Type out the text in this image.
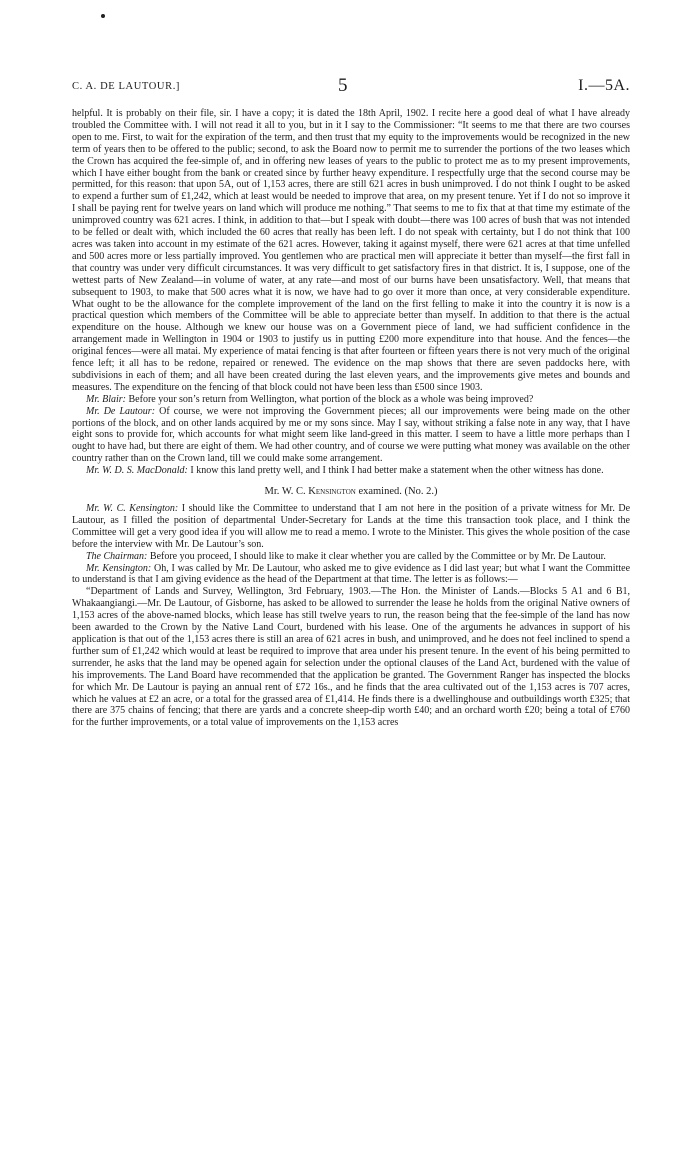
C. A. DE LAUTOUR.]	5	I.—5A.

helpful. It is probably on their file, sir. I have a copy; it is dated the 18th April, 1902. I recite here a good deal of what I have already troubled the Committee with. I will not read it all to you, but in it I say to the Commissioner: “It seems to me that there are two courses open to me. First, to wait for the expiration of the term, and then trust that my equity to the improvements would be recognized in the new term of years then to be offered to the public; second, to ask the Board now to permit me to surrender the portions of the two leases which the Crown has acquired the fee-simple of, and in offering new leases of years to the public to protect me as to my present improvements, which I have either bought from the bank or created since by further heavy expenditure. I respectfully urge that the second course may be permitted, for this reason: that upon 5A, out of 1,153 acres, there are still 621 acres in bush unimproved. I do not think I ought to be asked to expend a further sum of £1,242, which at least would be needed to improve that area, on my present tenure. Yet if I do not so improve it I shall be paying rent for twelve years on land which will produce me nothing.” That seems to me to fix that at that time my estimate of the unimproved country was 621 acres. I think, in addition to that—but I speak with doubt—there was 100 acres of bush that was not intended to be felled or dealt with, which included the 60 acres that really has been left. I do not speak with certainty, but I do not think that 100 acres was taken into account in my estimate of the 621 acres. However, taking it against myself, there were 621 acres at that time unfelled and 500 acres more or less partially improved. You gentlemen who are practical men will appreciate it better than myself—the first fall in that country was under very difficult circumstances. It was very difficult to get satisfactory fires in that district. It is, I suppose, one of the wettest parts of New Zealand—in volume of water, at any rate—and most of our burns have been unsatisfactory. Well, that means that subsequent to 1903, to make that 500 acres what it is now, we have had to go over it more than once, at very considerable expenditure. What ought to be the allowance for the complete improvement of the land on the first felling to make it into the country it is now is a practical question which members of the Committee will be able to appreciate better than myself. In addition to that there is the actual expenditure on the house. Although we knew our house was on a Government piece of land, we had sufficient confidence in the arrangement made in Wellington in 1904 or 1903 to justify us in putting £200 more expenditure into that house. And the fences—the original fences—were all matai. My experience of matai fencing is that after fourteen or fifteen years there is not very much of the original fence left; it all has to be redone, repaired or renewed. The evidence on the map shows that there are seven paddocks here, with subdivisions in each of them; and all have been created during the last eleven years, and the improvements give metes and bounds and measures. The expenditure on the fencing of that block could not have been less than £500 since 1903.

Mr. Blair: Before your son’s return from Wellington, what portion of the block as a whole was being improved?

Mr. De Lautour: Of course, we were not improving the Government pieces; all our improvements were being made on the other portions of the block, and on other lands acquired by me or my sons since. May I say, without striking a false note in any way, that I have eight sons to provide for, which accounts for what might seem like land-greed in this matter. I seem to have a little more perhaps than I ought to have had, but there are eight of them. We had other country, and of course we were putting what money was available on the other country rather than on the Crown land, till we could make some arrangement.

Mr. W. D. S. MacDonald: I know this land pretty well, and I think I had better make a statement when the other witness has done.

Mr. W. C. Kensington examined. (No. 2.)

Mr. W. C. Kensington: I should like the Committee to understand that I am not here in the position of a private witness for Mr. De Lautour, as I filled the position of departmental Under-Secretary for Lands at the time this transaction took place, and I think the Committee will get a very good idea if you will allow me to read a memo. I wrote to the Minister. This gives the whole position of the case before the interview with Mr. De Lautour’s son.

The Chairman: Before you proceed, I should like to make it clear whether you are called by the Committee or by Mr. De Lautour.

Mr. Kensington: Oh, I was called by Mr. De Lautour, who asked me to give evidence as I did last year; but what I want the Committee to understand is that I am giving evidence as the head of the Department at that time. The letter is as follows:—

“Department of Lands and Survey, Wellington, 3rd February, 1903.—The Hon. the Minister of Lands.—Blocks 5 A1 and 6 B1, Whakaangiangi.—Mr. De Lautour, of Gisborne, has asked to be allowed to surrender the lease he holds from the original Native owners of 1,153 acres of the above-named blocks, which lease has still twelve years to run, the reason being that the fee-simple of the land has now been awarded to the Crown by the Native Land Court, burdened with his lease. One of the arguments he advances in support of his application is that out of the 1,153 acres there is still an area of 621 acres in bush, and unimproved, and he does not feel inclined to spend a further sum of £1,242 which would at least be required to improve that area under his present tenure. In the event of his being permitted to surrender, he asks that the land may be opened again for selection under the optional clauses of the Land Act, burdened with the value of his improvements. The Land Board have recommended that the application be granted. The Government Ranger has inspected the blocks for which Mr. De Lautour is paying an annual rent of £72 16s., and he finds that the area cultivated out of the 1,153 acres is 707 acres, which he values at £2 an acre, or a total for the grassed area of £1,414. He finds there is a dwellinghouse and outbuildings worth £325; that there are 375 chains of fencing; that there are yards and a concrete sheep-dip worth £40; and an orchard worth £20; being a total of £760 for the further improvements, or a total value of improvements on the 1,153 acres
